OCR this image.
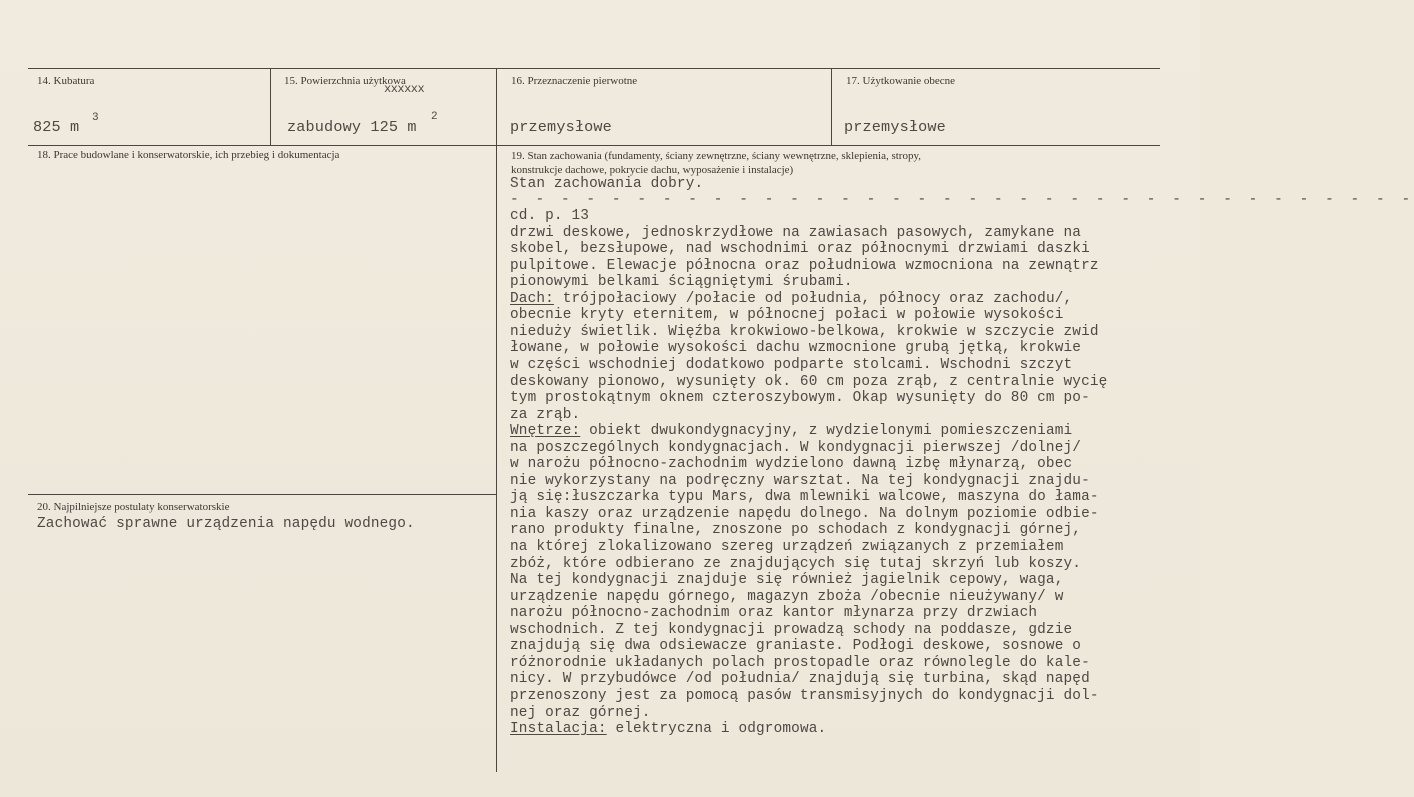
14. Kubatura
825 m 3
15. Powierzchnia użytkowa
xxxxxx
zabudowy 125 m
2
16. Przeznaczenie pierwotne
przemysłowe
17. Użytkowanie obecne
przemysłowe
18. Prace budowlane i konserwatorskie, ich przebieg i dokumentacja
20. Najpilniejsze postulaty konserwatorskie
Zachować sprawne urządzenia napędu wodnego.
19. Stan zachowania (fundamenty, ściany zewnętrzne, ściany wewnętrzne, sklepienia, stropy,
konstrukcje dachowe, pokrycie dachu, wyposażenie i instalacje)
Stan zachowania dobry.
- - - - - - - - - - - - - - - - - - - - - - - - - - - - - - - - - - - -
cd. p. 13
drzwi deskowe, jednoskrzydłowe na zawiasach pasowych, zamykane na
skobel, bezsłupowe, nad wschodnimi oraz północnymi drzwiami daszki
pulpitowe. Elewacje północna oraz południowa wzmocniona na zewnątrz
pionowymi belkami ściągniętymi śrubami.
Dach: trójpołaciowy /połacie od południa, północy oraz zachodu/,
obecnie kryty eternitem, w północnej połaci w połowie wysokości
nieduży świetlik. Więźba krokwiowo-belkowa, krokwie w szczycie zwid
łowane, w połowie wysokości dachu wzmocnione grubą jętką, krokwie
w części wschodniej dodatkowo podparte stolcami. Wschodni szczyt
deskowany pionowo, wysunięty ok. 60 cm poza zrąb, z centralnie wycię
tym prostokątnym oknem czteroszybowym. Okap wysunięty do 80 cm po-
za zrąb.
Wnętrze: obiekt dwukondygnacyjny, z wydzielonymi pomieszczeniami
na poszczególnych kondygnacjach. W kondygnacji pierwszej /dolnej/
w narożu północno-zachodnim wydzielono dawną izbę młynarzą, obec
nie wykorzystany na podręczny warsztat. Na tej kondygnacji znajdu-
ją się:łuszczarka typu Mars, dwa mlewniki walcowe, maszyna do łama-
nia kaszy oraz urządzenie napędu dolnego. Na dolnym poziomie odbie-
rano produkty finalne, znoszone po schodach z kondygnacji górnej,
na której zlokalizowano szereg urządzeń związanych z przemiałem
zbóż, które odbierano ze znajdujących się tutaj skrzyń lub koszy.
Na tej kondygnacji znajduje się również jagielnik cepowy, waga,
urządzenie napędu górnego, magazyn zboża /obecnie nieużywany/ w
narożu północno-zachodnim oraz kantor młynarza przy drzwiach
wschodnich. Z tej kondygnacji prowadzą schody na poddasze, gdzie
znajdują się dwa odsiewacze graniaste. Podłogi deskowe, sosnowe o
różnorodnie układanych polach prostopadle oraz równolegle do kale-
nicy. W przybudówce /od południa/ znajdują się turbina, skąd napęd
przenoszony jest za pomocą pasów transmisyjnych do kondygnacji dol-
nej oraz górnej.
Instalacja: elektryczna i odgromowa.
